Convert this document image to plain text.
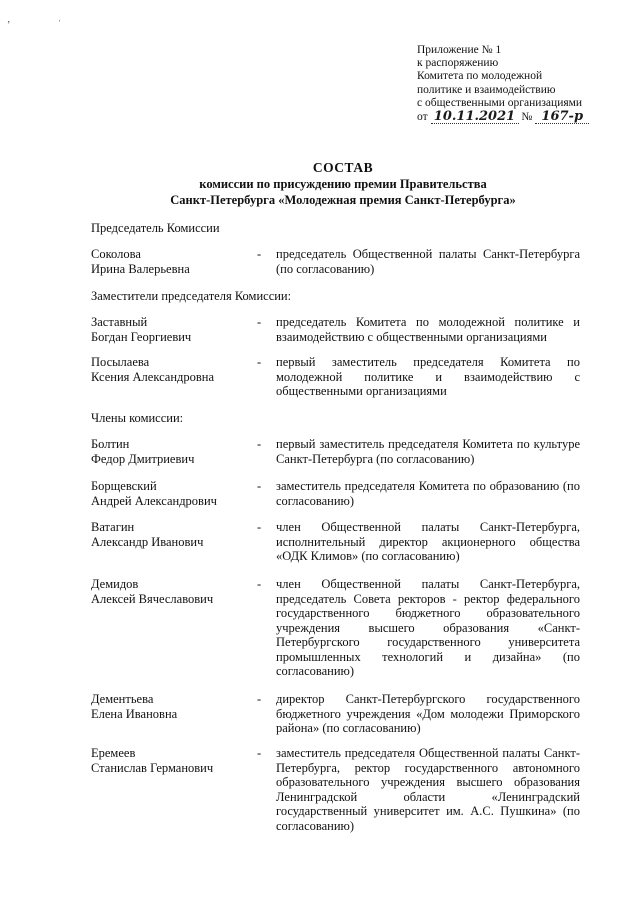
Приложение № 1
к распоряжению
Комитета по молодежной
политике и взаимодействию
с общественными организациями
от 10.11.2021 № 167-р
СОСТАВ
комиссии по присуждению премии Правительства
Санкт-Петербурга «Молодежная премия Санкт-Петербурга»
Председатель Комиссии
Заместители председателя Комиссии:
Члены комиссии:
Соколова
Ирина Валерьевна
- председатель Общественной палаты Санкт-Петербурга (по согласованию)
Заставный
Богдан Георгиевич
- председатель Комитета по молодежной политике и взаимодействию с общественными организациями
Посылаева
Ксения Александровна
- первый заместитель председателя Комитета по молодежной политике и взаимодействию с общественными организациями
Болтин
Федор Дмитриевич
- первый заместитель председателя Комитета по культуре Санкт-Петербурга (по согласованию)
Борщевский
Андрей Александрович
- заместитель председателя Комитета по образованию (по согласованию)
Ватагин
Александр Иванович
- член Общественной палаты Санкт-Петербурга, исполнительный директор акционерного общества «ОДК Климов» (по согласованию)
Демидов
Алексей Вячеславович
- член Общественной палаты Санкт-Петербурга, председатель Совета ректоров - ректор федерального государственного бюджетного образовательного учреждения высшего образования «Санкт-Петербургского государственного университета промышленных технологий и дизайна» (по согласованию)
Дементьева
Елена Ивановна
- директор Санкт-Петербургского государственного бюджетного учреждения «Дом молодежи Приморского района» (по согласованию)
Еремеев
Станислав Германович
- заместитель председателя Общественной палаты Санкт-Петербурга, ректор государственного автономного образовательного учреждения высшего образования Ленинградской области «Ленинградский государственный университет им. А.С. Пушкина» (по согласованию)
ʼ	ˈ
